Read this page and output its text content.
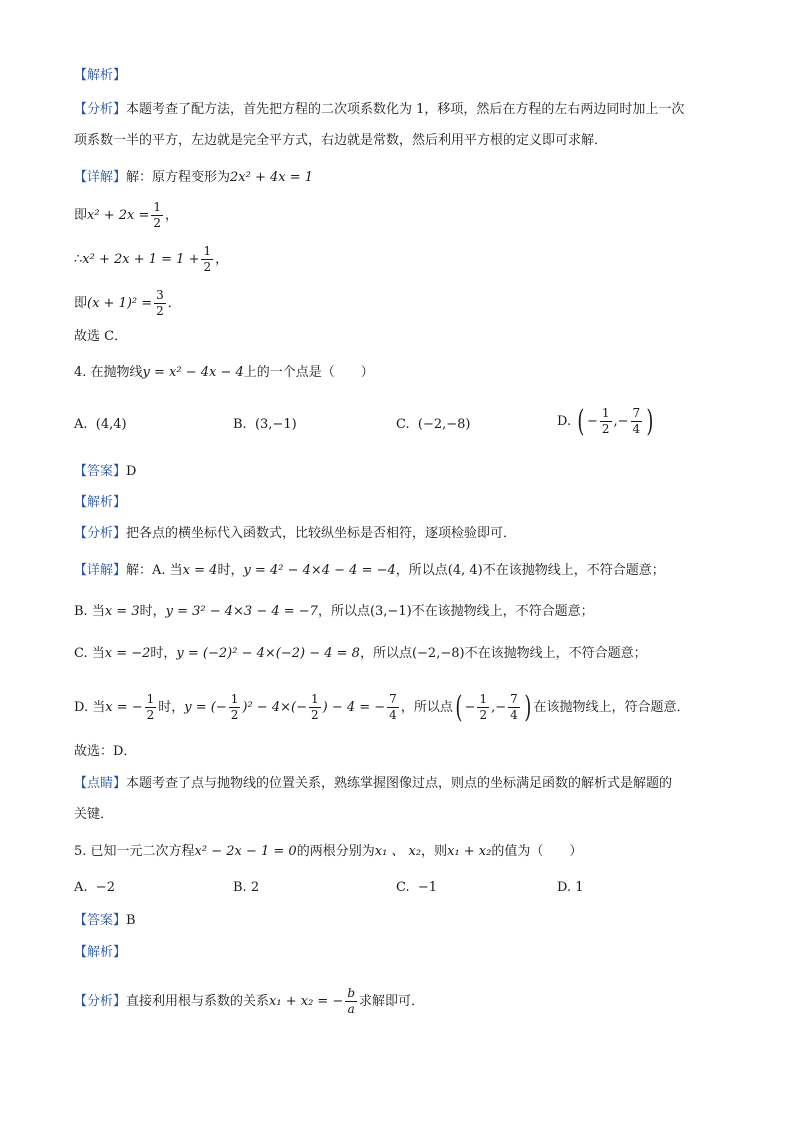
【解析】
【分析】本题考查了配方法，首先把方程的二次项系数化为 1，移项，然后在方程的左右两边同时加上一次
项系数一半的平方，左边就是完全平方式，右边就是常数，然后利用平方根的定义即可求解．
【详解】解：原方程变形为2x² + 4x = 1
即$x^2 + 2x = \frac{1}{2}$ ，
∴x² + $2x + 1 = 1 + \frac{1}{2}$ ，
即$(x + 1)^2 = \frac{3}{2}$ ．
故选 C．
4. 在抛物线y = x² − 4x − 4上的一个点是（　　）
A. (4,4)	B. (3,−1)	C. (−2,−8)	D. ( − $\frac{1}{2}$ ,− $\frac{7}{4}$ )
【答案】D
【解析】
【分析】把各点的横坐标代入函数式，比较纵坐标是否相符，逐项检验即可．
【详解】解：A. 当x = 4时，y = 4² − 4×4 − 4 = −4，所以点(4, 4)不在该抛物线上，不符合题意；
B. 当x = 3时，y = 3² − 4×3 − 4 = −7，所以点(3,−1)不在该抛物线上，不符合题意；
C. 当x = −2时，y = (−2)² − 4×(−2) − 4 = 8，所以点(−2,−8)不在该抛物线上，不符合题意；
D. 当x = − $\frac{1}{2}$ 时，y = (− $\frac{1}{2} )^2 - 4\times(- \frac{1}{2}$ ) − 4 = − $\frac{7}{4}$ ，所以点( − $\frac{1}{2}$ ,− $\frac{7}{4}$ ) 在该抛物线上，符合题意．
故选：D．
【点睛】本题考查了点与抛物线的位置关系，熟练掌握图像过点，则点的坐标满足函数的解析式是解题的
关键．
5. 已知一元二次方程x² − 2x − 1 = 0的两根分别为x₁ 、 x₂，则x₁ + x₂的值为（　　）
A. −2	B. 2	C. −1	D. 1
【答案】B
【解析】
【分析】直接利用根与系数的关系x₁ + x₂ = − $\frac{b}{a}$ 求解即可．
